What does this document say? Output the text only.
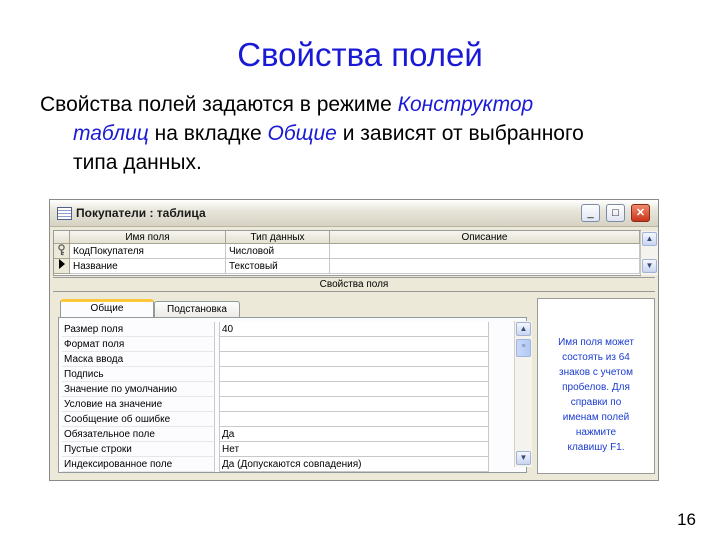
Свойства полей
Свойства полей задаются в режиме Конструктор
таблиц на вкладке Общие и зависят от выбранного
типа данных.
Покупатели : таблица	_	□	✕
Имя поля	Тип данных	Описание
КодПокупателя	Числовой
Название	Текстовый
▲
▼
Свойства поля
Общие	Подстановка
Размер поля	40
Формат поля
Маска ввода
Подпись
Значение по умолчанию
Условие на значение
Сообщение об ошибке
Обязательное поле	Да
Пустые строки	Нет
Индексированное поле	Да (Допускаются совпадения)
▲
≡
▼
Имя поля может
состоять из 64
знаков с учетом
пробелов. Для
справки по
именам полей
нажмите
клавишу F1.
16
